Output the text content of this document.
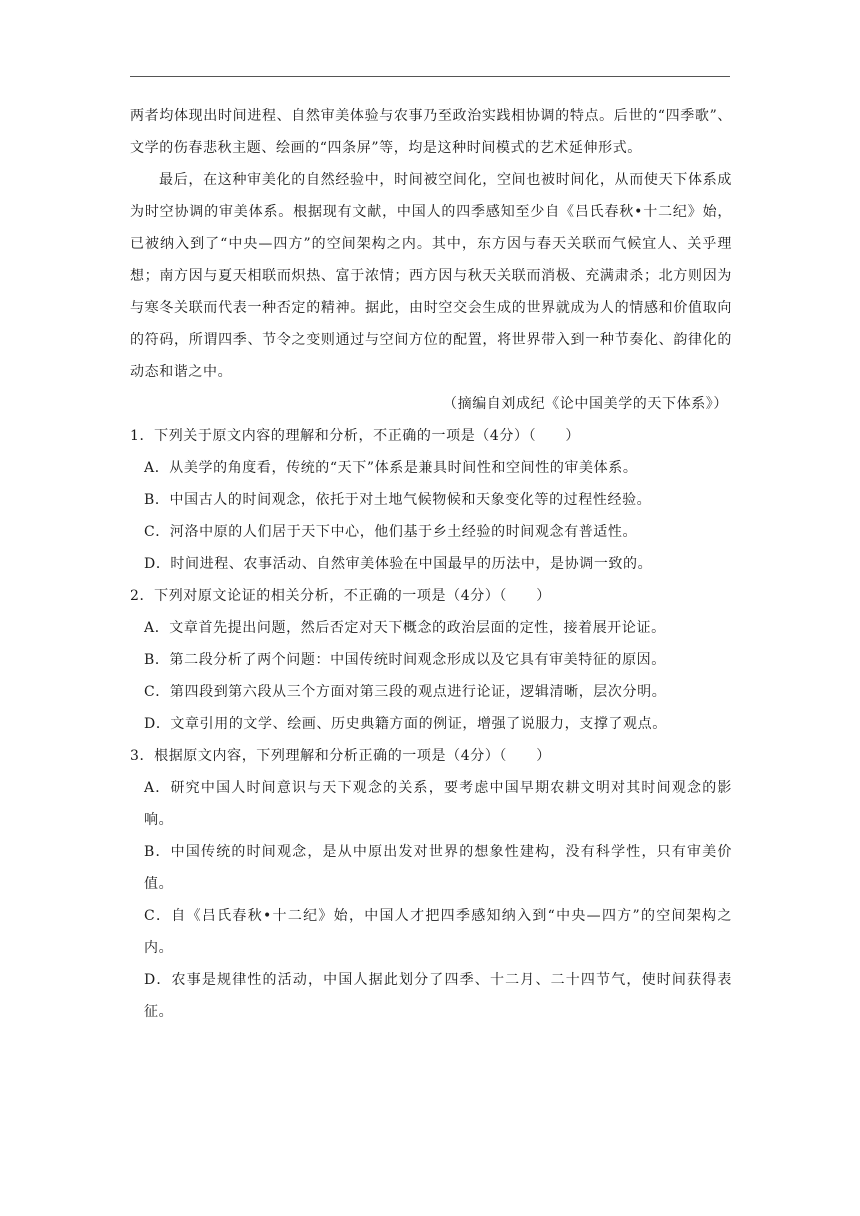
两者均体现出时间进程、自然审美体验与农事乃至政治实践相协调的特点。后世的“四季歌”、文学的伤春悲秋主题、绘画的“四条屏”等，均是这种时间模式的艺术延伸形式。

最后，在这种审美化的自然经验中，时间被空间化，空间也被时间化，从而使天下体系成为时空协调的审美体系。根据现有文献，中国人的四季感知至少自《吕氏春秋•十二纪》始，已被纳入到了“中央—四方”的空间架构之内。其中，东方因与春天关联而气候宜人、关乎理想；南方因与夏天相联而炽热、富于浓情；西方因与秋天关联而消极、充满肃杀；北方则因为与寒冬关联而代表一种否定的精神。据此，由时空交会生成的世界就成为人的情感和价值取向的符码，所谓四季、节令之变则通过与空间方位的配置，将世界带入到一种节奏化、韵律化的动态和谐之中。

（摘编自刘成纪《论中国美学的天下体系》）

1．下列关于原文内容的理解和分析，不正确的一项是（4分）（　　）

A．从美学的角度看，传统的“天下”体系是兼具时间性和空间性的审美体系。

B．中国古人的时间观念，依托于对土地气候物候和天象变化等的过程性经验。

C．河洛中原的人们居于天下中心，他们基于乡土经验的时间观念有普适性。

D．时间进程、农事活动、自然审美体验在中国最早的历法中，是协调一致的。

2．下列对原文论证的相关分析，不正确的一项是（4分）（　　）

A．文章首先提出问题，然后否定对天下概念的政治层面的定性，接着展开论证。

B．第二段分析了两个问题：中国传统时间观念形成以及它具有审美特征的原因。

C．第四段到第六段从三个方面对第三段的观点进行论证，逻辑清晰，层次分明。

D．文章引用的文学、绘画、历史典籍方面的例证，增强了说服力，支撑了观点。

3．根据原文内容，下列理解和分析正确的一项是（4分）（　　）

A．研究中国人时间意识与天下观念的关系，要考虑中国早期农耕文明对其时间观念的影响。

B．中国传统的时间观念，是从中原出发对世界的想象性建构，没有科学性，只有审美价值。

C．自《吕氏春秋•十二纪》始，中国人才把四季感知纳入到“中央—四方”的空间架构之内。

D．农事是规律性的活动，中国人据此划分了四季、十二月、二十四节气，使时间获得表征。
